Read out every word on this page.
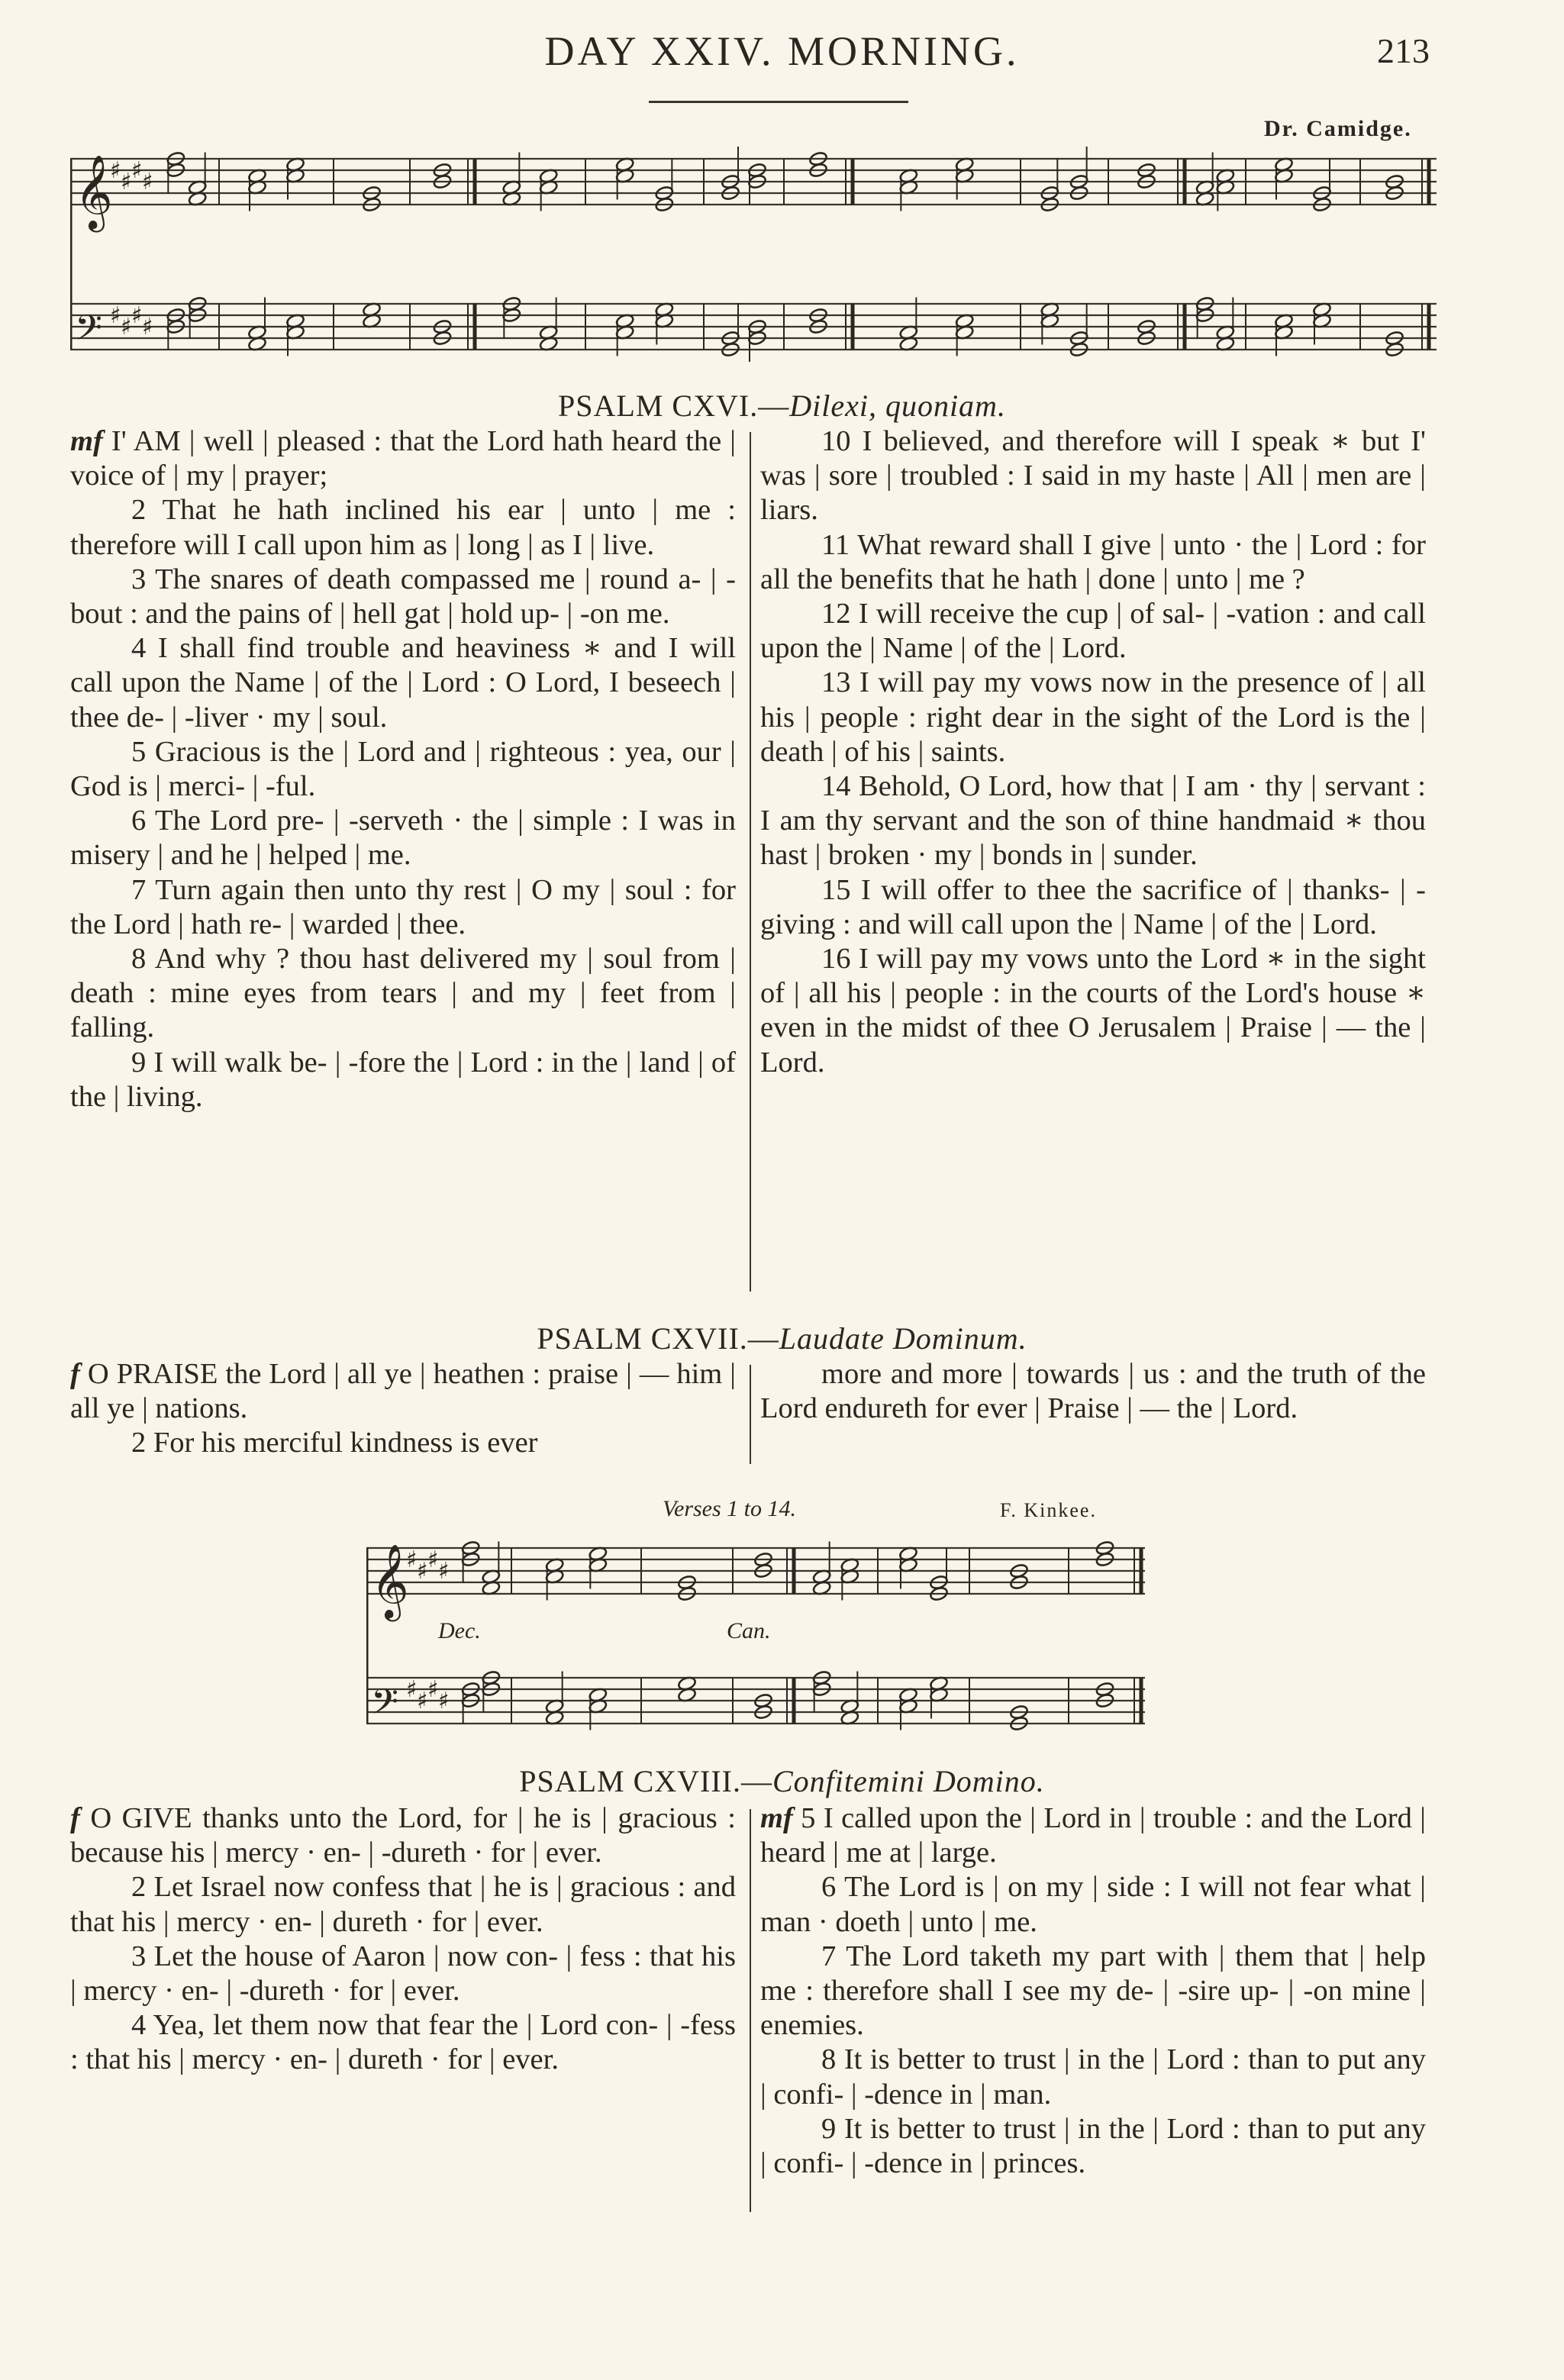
DAY XXIV. MORNING.	213
Dr. Camidge.
𝄞
♯ ♯ ♯ ♯
𝄢 ♯ ♯ ♯ ♯
PSALM CXVI.—Dilexi, quoniam.

mf I' AM | well | pleased : that the Lord hath heard the | voice of | my | prayer;

2 That he hath inclined his ear | unto | me : therefore will I call upon him as | long | as I | live.

3 The snares of death compassed me | round a- | -bout : and the pains of | hell gat | hold up- | -on me.

4 I shall find trouble and heaviness ∗ and I will call upon the Name | of the | Lord : O Lord, I beseech | thee de- | -liver · my | soul.

5 Gracious is the | Lord and | righteous : yea, our | God is | merci- | -ful.

6 The Lord pre- | -serveth · the | simple : I was in misery | and he | helped | me.

7 Turn again then unto thy rest | O my | soul : for the Lord | hath re- | warded | thee.

8 And why ? thou hast delivered my | soul from | death : mine eyes from tears | and my | feet from | falling.

9 I will walk be- | -fore the | Lord : in the | land | of the | living.

10 I believed, and therefore will I speak ∗ but I' was | sore | troubled : I said in my haste | All | men are | liars.

11 What reward shall I give | unto · the | Lord : for all the benefits that he hath | done | unto | me ?

12 I will receive the cup | of sal- | -vation : and call upon the | Name | of the | Lord.

13 I will pay my vows now in the presence of | all his | people : right dear in the sight of the Lord is the | death | of his | saints.

14 Behold, O Lord, how that | I am · thy | servant : I am thy servant and the son of thine handmaid ∗ thou hast | broken · my | bonds in | sunder.

15 I will offer to thee the sacrifice of | thanks- | -giving : and will call upon the | Name | of the | Lord.

16 I will pay my vows unto the Lord ∗ in the sight of | all his | people : in the courts of the Lord's house ∗ even in the midst of thee O Jerusalem | Praise | — the | Lord.

PSALM CXVII.—Laudate Dominum.

f O PRAISE the Lord | all ye | heathen : praise | — him | all ye | nations.

2 For his merciful kindness is ever

more and more | towards | us : and the truth of the Lord endureth for ever | Praise | — the | Lord.

Verses 1 to 14.	F. Kinkee.
𝄞
♯ ♯ ♯ ♯
𝄢 ♯ ♯ ♯ ♯
Dec.	Can.
PSALM CXVIII.—Confitemini Domino.

f O GIVE thanks unto the Lord, for | he is | gracious : because his | mercy · en- | -dureth · for | ever.

2 Let Israel now confess that | he is | gracious : and that his | mercy · en- | dureth · for | ever.

3 Let the house of Aaron | now con- | fess : that his | mercy · en- | -dureth · for | ever.

4 Yea, let them now that fear the | Lord con- | -fess : that his | mercy · en- | dureth · for | ever.

mf 5 I called upon the | Lord in | trouble : and the Lord | heard | me at | large.

6 The Lord is | on my | side : I will not fear what | man · doeth | unto | me.

7 The Lord taketh my part with | them that | help me : therefore shall I see my de- | -sire up- | -on mine | enemies.

8 It is better to trust | in the | Lord : than to put any | confi- | -dence in | man.

9 It is better to trust | in the | Lord : than to put any | confi- | -dence in | princes.
